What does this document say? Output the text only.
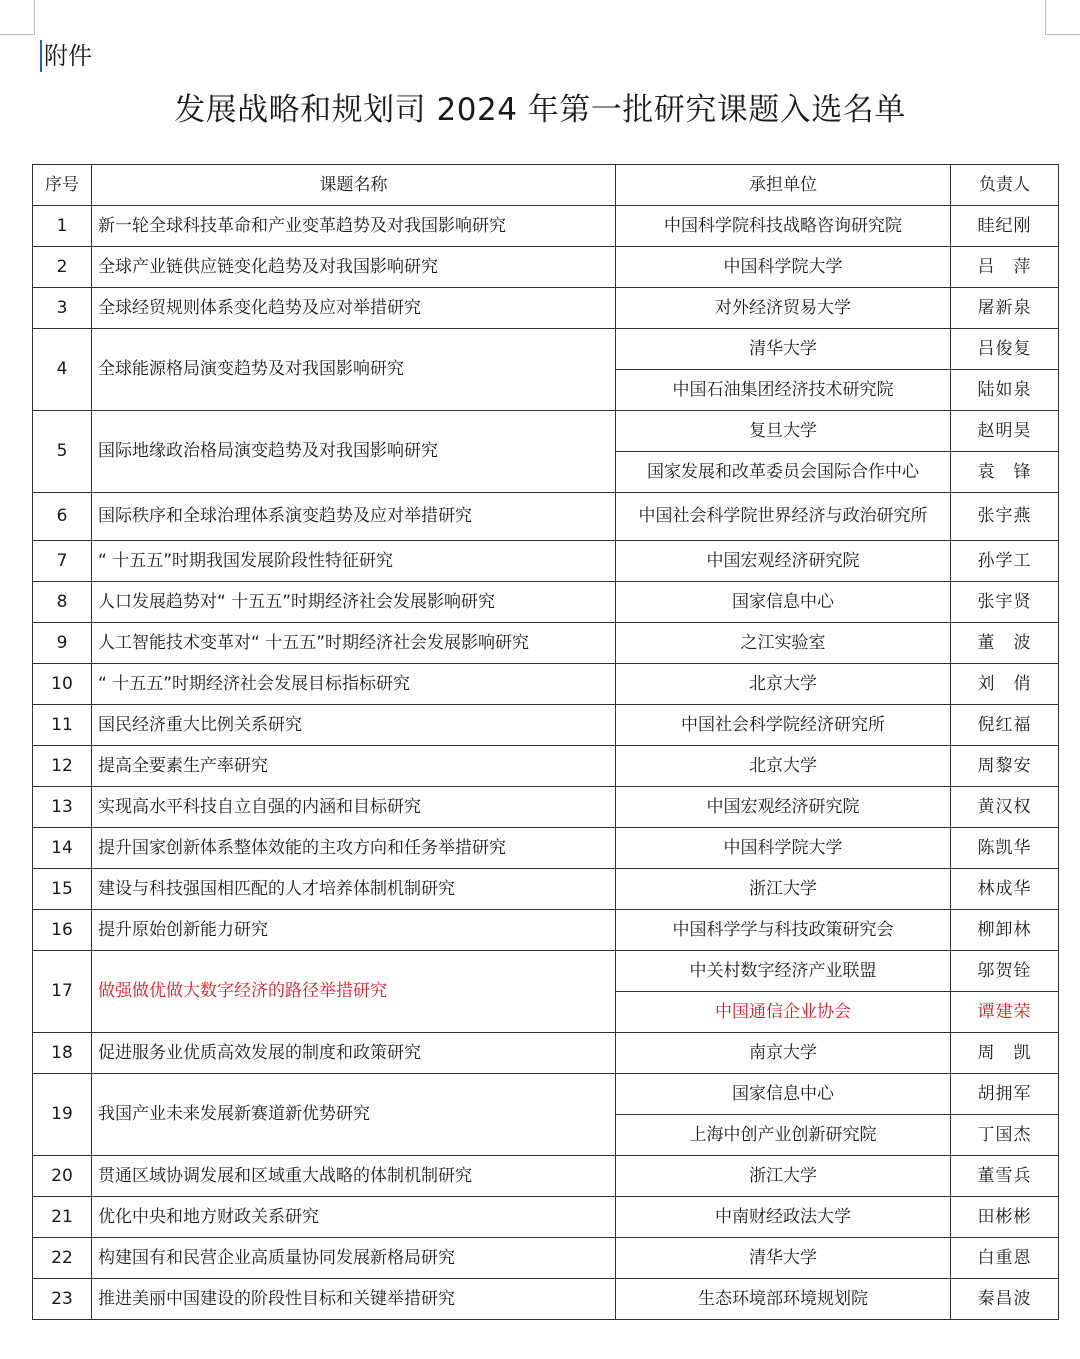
附件
发展战略和规划司 2024 年第一批研究课题入选名单
序号	课题名称	承担单位	负责人
1	新一轮全球科技革命和产业变革趋势及对我国影响研究	中国科学院科技战略咨询研究院	眭纪刚
2	全球产业链供应链变化趋势及对我国影响研究	中国科学院大学	吕　萍
3	全球经贸规则体系变化趋势及应对举措研究	对外经济贸易大学	屠新泉
4	全球能源格局演变趋势及对我国影响研究	清华大学	吕俊复
		中国石油集团经济技术研究院	陆如泉
5	国际地缘政治格局演变趋势及对我国影响研究	复旦大学	赵明昊
		国家发展和改革委员会国际合作中心	袁　锋
6	国际秩序和全球治理体系演变趋势及应对举措研究	中国社会科学院世界经济与政治研究所	张宇燕
7	“ 十五五”时期我国发展阶段性特征研究	中国宏观经济研究院	孙学工
8	人口发展趋势对“ 十五五”时期经济社会发展影响研究	国家信息中心	张宇贤
9	人工智能技术变革对“ 十五五”时期经济社会发展影响研究	之江实验室	董　波
10	“ 十五五”时期经济社会发展目标指标研究	北京大学	刘　俏
11	国民经济重大比例关系研究	中国社会科学院经济研究所	倪红福
12	提高全要素生产率研究	北京大学	周黎安
13	实现高水平科技自立自强的内涵和目标研究	中国宏观经济研究院	黄汉权
14	提升国家创新体系整体效能的主攻方向和任务举措研究	中国科学院大学	陈凯华
15	建设与科技强国相匹配的人才培养体制机制研究	浙江大学	林成华
16	提升原始创新能力研究	中国科学学与科技政策研究会	柳卸林
17	做强做优做大数字经济的路径举措研究	中关村数字经济产业联盟	邬贺铨
		中国通信企业协会	谭建荣
18	促进服务业优质高效发展的制度和政策研究	南京大学	周　凯
19	我国产业未来发展新赛道新优势研究	国家信息中心	胡拥军
		上海中创产业创新研究院	丁国杰
20	贯通区域协调发展和区域重大战略的体制机制研究	浙江大学	董雪兵
21	优化中央和地方财政关系研究	中南财经政法大学	田彬彬
22	构建国有和民营企业高质量协同发展新格局研究	清华大学	白重恩
23	推进美丽中国建设的阶段性目标和关键举措研究	生态环境部环境规划院	秦昌波
